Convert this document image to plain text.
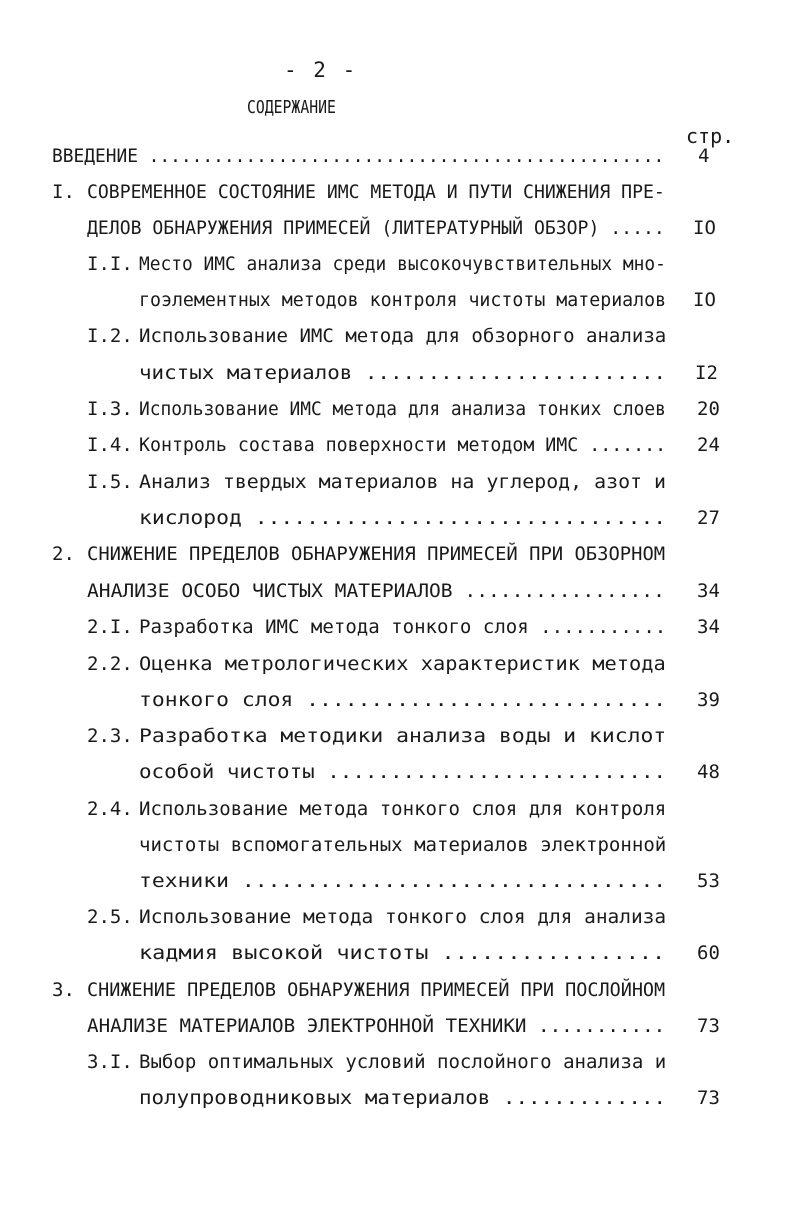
- 2 -
СОДЕРЖАНИЕ
стр.
ВВЕДЕНИЕ ................................................ 4
I. СОВРЕМЕННОЕ СОСТОЯНИЕ ИМС МЕТОДА И ПУТИ СНИЖЕНИЯ ПРЕ-
ДЕЛОВ ОБНАРУЖЕНИЯ ПРИМЕСЕЙ (ЛИТЕРАТУРНЫЙ ОБЗОР) ..... IO
I.I. Место ИМС анализа среди высокочувствительных мно-
гоэлементных методов контроля чистоты материалов IO
I.2. Использование ИМС метода для обзорного анализа
чистых материалов ........................ I2
I.3. Использование ИМС метода для анализа тонких слоев 20
I.4. Контроль состава поверхности методом ИМС ....... 24
I.5. Анализ твердых материалов на углерод, азот и
кислород ................................ 27
2. СНИЖЕНИЕ ПРЕДЕЛОВ ОБНАРУЖЕНИЯ ПРИМЕСЕЙ ПРИ ОБЗОРНОМ
АНАЛИЗЕ ОСОБО ЧИСТЫХ МАТЕРИАЛОВ ................. 34
2.I. Разработка ИМС метода тонкого слоя ........... 34
2.2. Оценка метрологических характеристик метода
тонкого слоя ............................ 39
2.3. Разработка методики анализа воды и кислот
особой чистоты ........................... 48
2.4. Использование метода тонкого слоя для контроля
чистоты вспомогательных материалов электронной
техники ................................. 53
2.5. Использование метода тонкого слоя для анализа
кадмия высокой чистоты ................. 60
3. СНИЖЕНИЕ ПРЕДЕЛОВ ОБНАРУЖЕНИЯ ПРИМЕСЕЙ ПРИ ПОСЛОЙНОМ
АНАЛИЗЕ МАТЕРИАЛОВ ЭЛЕКТРОННОЙ ТЕХНИКИ ........... 73
3.I. Выбор оптимальных условий послойного анализа и
полупроводниковых материалов ............. 73
